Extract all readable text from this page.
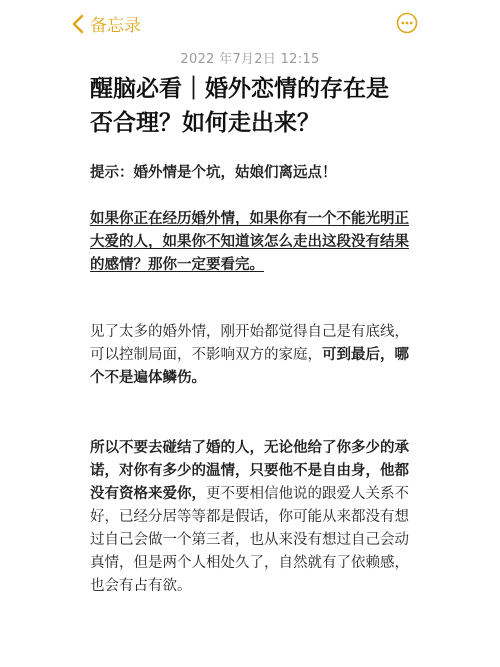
备忘录
2022 年7月2日 12:15
醒脑必看｜婚外恋情的存在是否合理？如何走出来？

提示：婚外情是个坑，姑娘们离远点！

如果你正在经历婚外情，如果你有一个不能光明正大爱的人，如果你不知道该怎么走出这段没有结果的感情？那你一定要看完。

见了太多的婚外情，刚开始都觉得自己是有底线，可以控制局面，不影响双方的家庭，可到最后，哪个不是遍体鳞伤。

所以不要去碰结了婚的人，无论他给了你多少的承诺，对你有多少的温情，只要他不是自由身，他都没有资格来爱你，更不要相信他说的跟爱人关系不好，已经分居等等都是假话，你可能从来都没有想过自己会做一个第三者，也从来没有想过自己会动真情，但是两个人相处久了，自然就有了依赖感，也会有占有欲。
